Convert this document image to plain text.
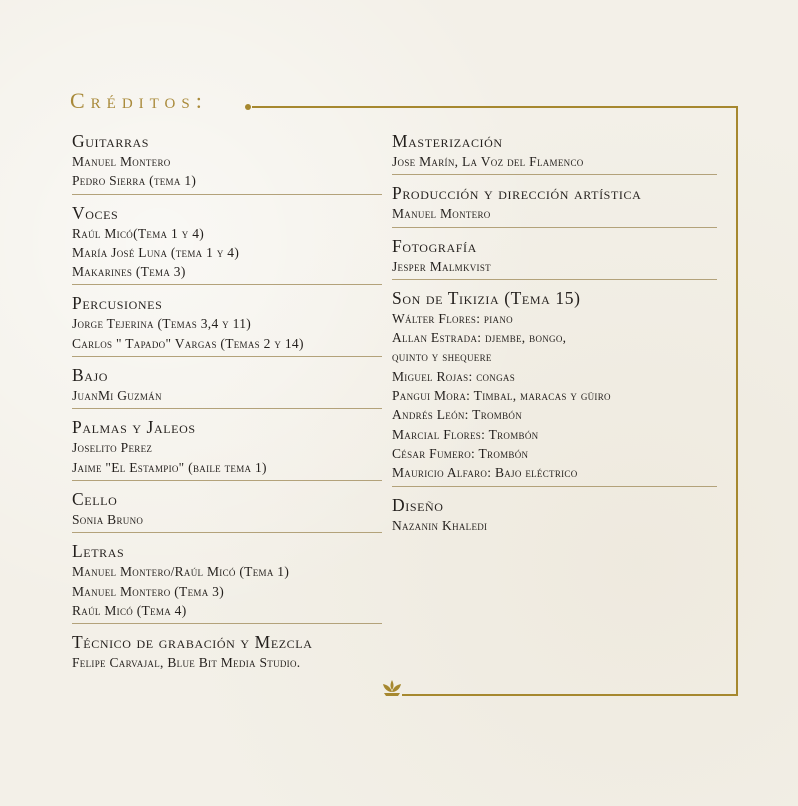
Créditos:
Guitarras
Manuel Montero
Pedro Sierra (tema 1)
Voces
Raúl Micó(Tema 1 y 4)
María José Luna (tema 1 y 4)
Makarines (Tema 3)
Percusiones
Jorge Tejerina (Temas 3,4 y 11)
Carlos " Tapado" Vargas (Temas 2 y 14)
Bajo
JuanMi Guzmán
Palmas y Jaleos
Joselito Perez
Jaime "El Estampio" (baile tema 1)
Cello
Sonia Bruno
Letras
Manuel Montero/Raúl Micó (Tema 1)
Manuel Montero (Tema 3)
Raúl Micó (Tema 4)
Técnico de grabación y Mezcla
Felipe Carvajal, Blue Bit Media Studio.
Masterización
Jose Marín, La Voz del Flamenco
Producción y dirección artística
Manuel Montero
Fotografía
Jesper Malmkvist
Son de Tikizia (Tema 15)
Wálter Flores: piano
Allan Estrada: djembe, bongo,
quinto y shequere
Miguel Rojas: congas
Pangui Mora: Timbal, maracas y güiro
Andrés León: Trombón
Marcial Flores: Trombón
César Fumero: Trombón
Mauricio Alfaro: Bajo eléctrico
Diseño
Nazanin Khaledi
